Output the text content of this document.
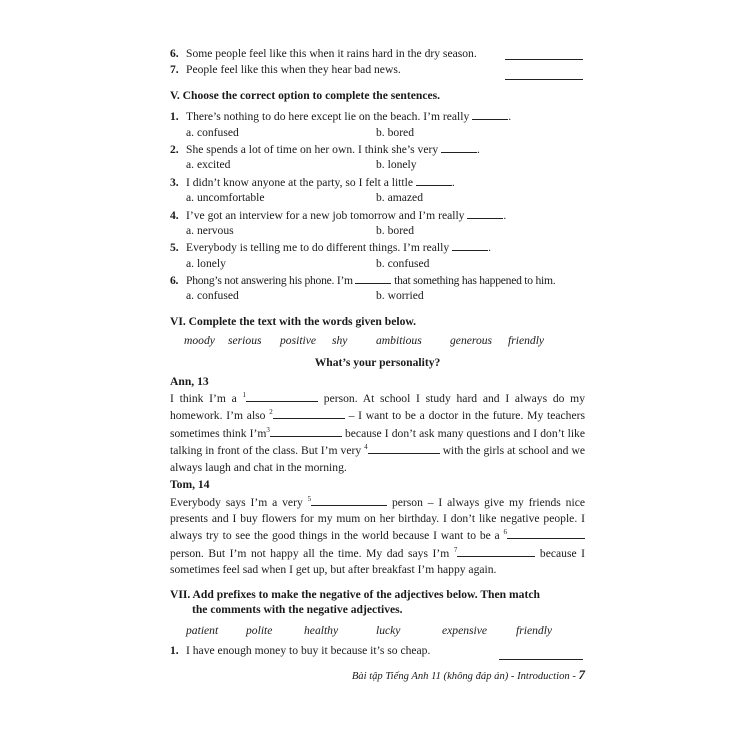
6. Some people feel like this when it rains hard in the dry season.
7. People feel like this when they hear bad news.
V. Choose the correct option to complete the sentences.
1. There’s nothing to do here except lie on the beach. I’m really	.
a. confused	b. bored
2. She spends a lot of time on her own. I think she’s very	.
a. excited	b. lonely
3. I didn’t know anyone at the party, so I felt a little	.
a. uncomfortable	b. amazed
4. I’ve got an interview for a new job tomorrow and I’m really	.
a. nervous	b. bored
5. Everybody is telling me to do different things. I’m really	.
a. lonely	b. confused
6. Phong’s not answering his phone. I’m	that something has happened to him.
a. confused	b. worried
VI. Complete the text with the words given below.
moody serious positive shy ambitious generous friendly
What’s your personality?
Ann, 13
I think I’m a $^1$	person. At school I study hard and I always do my homework. I’m also $^2$	– I want to be a doctor in the future. My teachers sometimes think $I’m^3$	because I don’t ask many questions and I don’t like talking in front of the class. But I’m very $^4$	with the girls at school and we always laugh and chat in the morning.
Tom, 14
Everybody says I’m a very $^5$	person – I always give my friends nice presents and I buy flowers for my mum on her birthday. I don’t like negative people. I always try to see the good things in the world because I want to be a $^6$ person. But I’m not happy all the time. My dad says I’m $^7$	because I sometimes feel sad when I get up, but after breakfast I’m happy again.
VII. Add prefixes to make the negative of the adjectives below. Then match
the comments with the negative adjectives.
patient polite	healthy	lucky	expensive friendly
1. I have enough money to buy it because it’s so cheap.
Bài tập Tiếng Anh 11 (không đáp án) - Introduction - 7
